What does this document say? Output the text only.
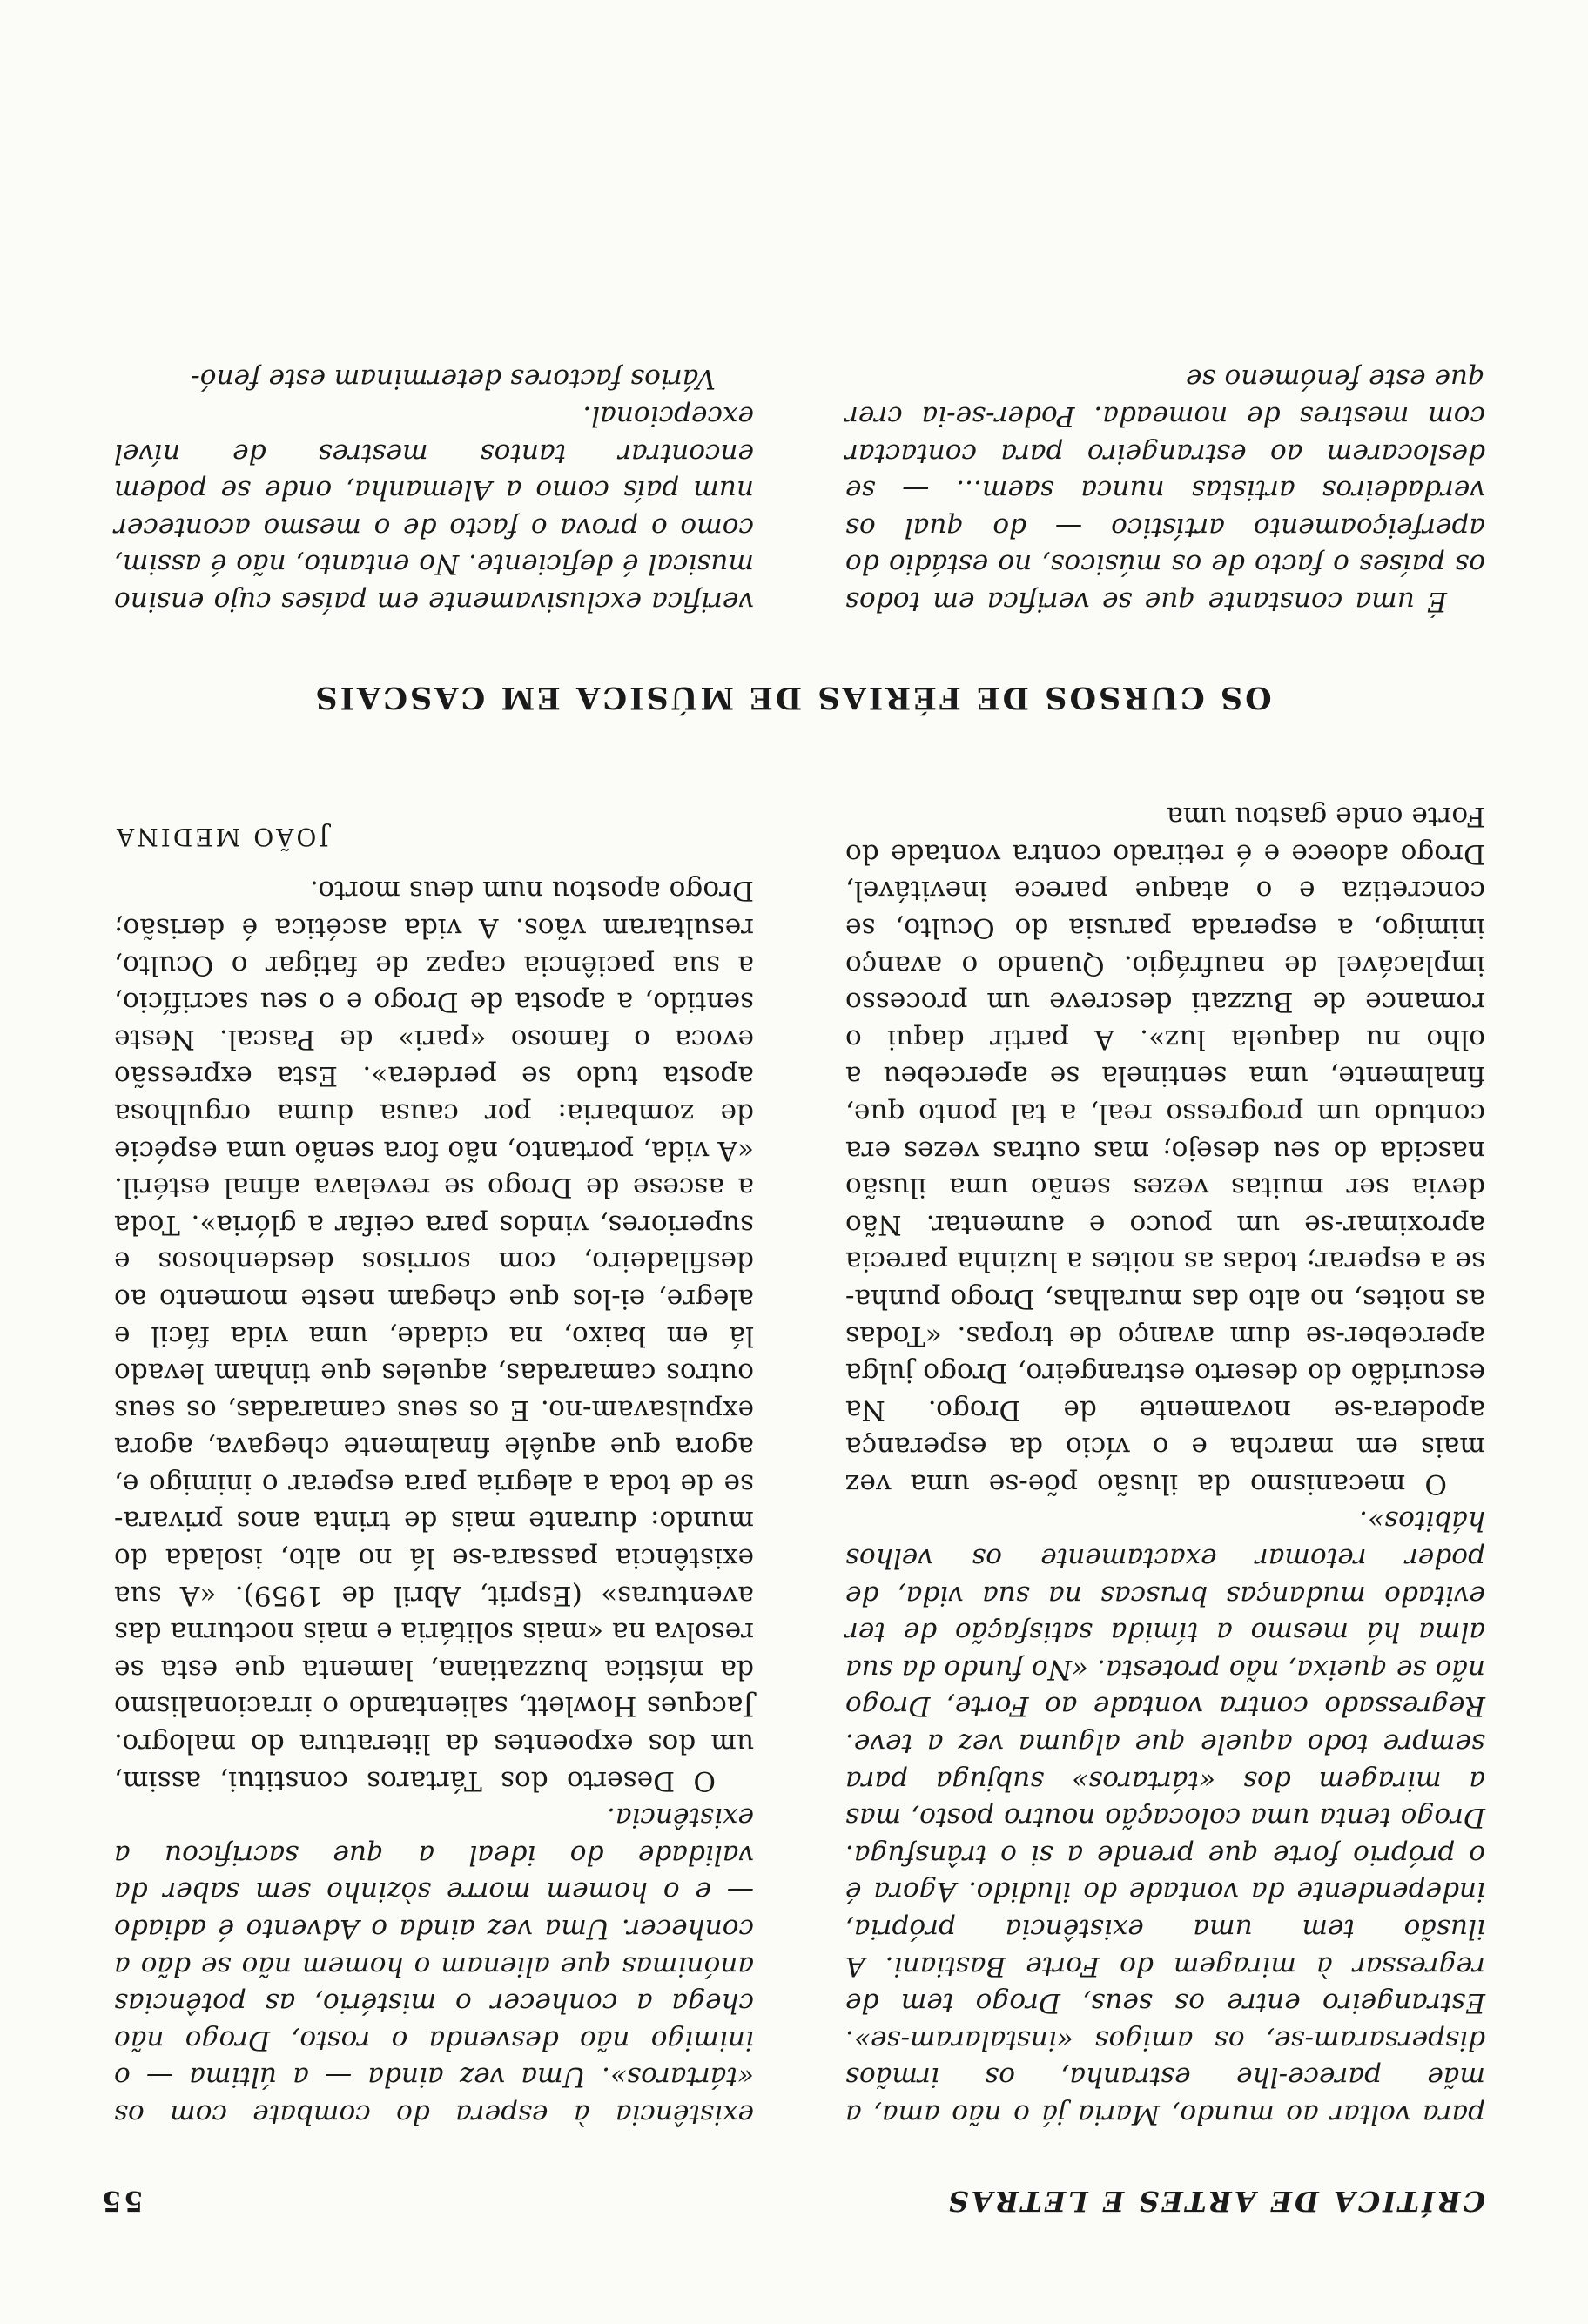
CRÍTICA DE ARTES E LETRAS
55

para voltar ao mundo, Maria já o não ama, a mãe parece-lhe estranha, os irmãos dispersaram-se, os amigos «instalaram-se». Estrangeiro entre os seus, Drogo tem de regressar à miragem do Forte Bastiani. A ilusão tem uma existência própria, independente da vontade do iludido. Agora é o próprio forte que prende a si o trânsfuga. Drogo tenta uma colocação noutro posto, mas a miragem dos «tártaros» subjuga para sempre todo aquele que alguma vez a teve. Regressado contra vontade ao Forte, Drogo não se queixa, não protesta. «No fundo da sua alma há mesmo a tímida satisfação de ter evitado mudanças bruscas na sua vida, de poder retomar exactamente os velhos hábitos».

O mecanismo da ilusão põe-se uma vez mais em marcha e o vício da esperança apodera-se novamente de Drogo. Na escuridão do deserto estrangeiro, Drogo julga aperceber-se dum avanço de tropas. «Todas as noites, no alto das muralhas, Drogo punha-se a esperar; todas as noites a luzinha parecia aproximar-se um pouco e aumentar. Não devia ser muitas vezes senão uma ilusão nascida do seu desejo; mas outras vezes era contudo um progresso real, a tal ponto que, finalmente, uma sentinela se apercebeu a olho nu daquela luz». A partir daqui o romance de Buzzati descreve um processo implacável de naufrágio. Quando o avanço inimigo, a esperada parusia do Oculto, se concretiza e o ataque parece inevitável, Drogo adoece e é retirado contra vontade do Forte onde gastou uma

existência à espera do combate com os «tártaros». Uma vez ainda — a última — o inimigo não desvenda o rosto, Drogo não chega a conhecer o mistério, as potências anónimas que alienam o homem não se dão a conhecer. Uma vez ainda o Advento é adiado — e o homem morre sòzinho sem saber da validade do ideal a que sacrificou a existência.

O Deserto dos Tártaros constitui, assim, um dos expoentes da literatura do malogro. Jacques Howlett, salientando o irracionalismo da mística buzzatiana, lamenta que esta se resolva na «mais solitária e mais nocturna das aventuras» (Esprit, Abril de 1959). «A sua existência passara-se lá no alto, isolada do mundo: durante mais de trinta anos privara-se de toda a alegria para esperar o inimigo e, agora que aquêle finalmente chegava, agora expulsavam-no. E os seus camaradas, os seus outros camaradas, aqueles que tinham levado lá em baixo, na cidade, uma vida fácil e alegre, ei-los que chegam neste momento ao desfiladeiro, com sorrisos desdenhosos e superiores, vindos para ceifar a glória». Toda a ascese de Drogo se revelava afinal estéril. «A vida, portanto, não fora senão uma espécie de zombaria: por causa duma orgulhosa aposta tudo se perdera». Esta expressão evoca o famoso «pari» de Pascal. Neste sentido, a aposta de Drogo e o seu sacrifício, a sua paciência capaz de fatigar o Oculto, resultaram vãos. A vida ascética é derisão; Drogo apostou num deus morto.

JOÃO MEDINA
OS CURSOS DE FÉRIAS DE MÚSICA EM CASCAIS

É uma constante que se verifica em todos os países o facto de os músicos, no estádio do aperfeiçoamento artístico — do qual os verdadeiros artistas nunca saem... — se deslocarem ao estrangeiro para contactar com mestres de nomeada. Poder-se-ia crer que este fenómeno se

verifica exclusivamente em países cujo ensino musical é deficiente. No entanto, não é assim, como o prova o facto de o mesmo acontecer num país como a Alemanha, onde se podem encontrar tantos mestres de nível excepcional.

Vários factores determinam este fenó-
